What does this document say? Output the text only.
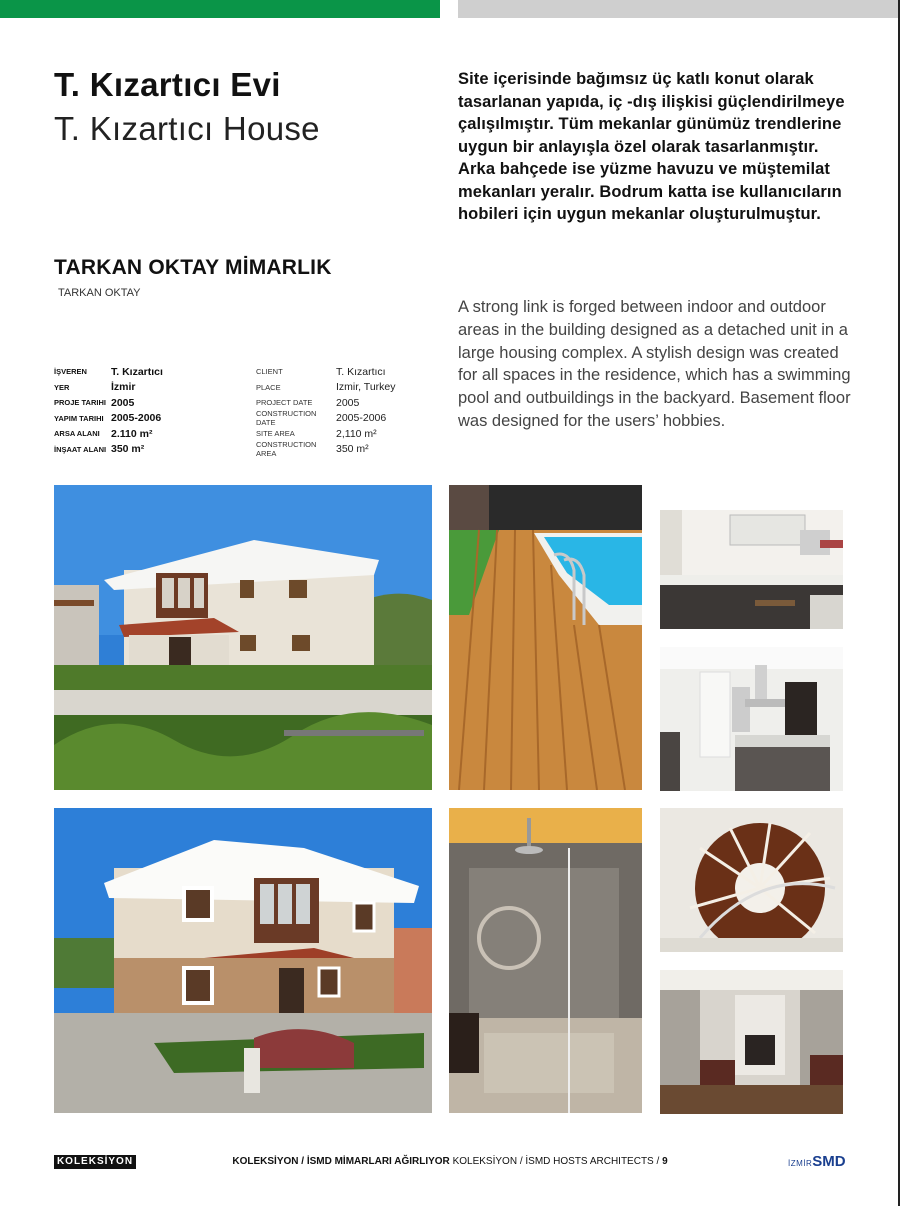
T. Kızartıcı Evi
T. Kızartıcı House
Site içerisinde bağımsız üç katlı konut olarak tasarlanan yapıda, iç -dış ilişkisi güçlendirilmeye çalışılmıştır. Tüm mekanlar günümüz trendlerine uygun bir anlayışla özel olarak tasarlanmıştır. Arka bahçede ise yüzme havuzu ve müştemilat mekanları yeralır. Bodrum katta ise kullanıcıların hobileri için uygun mekanlar oluşturulmuştur.
A strong link is forged between indoor and outdoor areas in the building designed as a detached unit in a large housing complex. A stylish design was created for all spaces in the residence, which has a swimming pool and outbuildings in the backyard. Basement floor was designed for the users’ hobbies.
TARKAN OKTAY MİMARLIK
TARKAN OKTAY
İŞVEREN	T. Kızartıcı
YER	İzmir
PROJE TARIHI 2005
YAPIM TARIHI 2005-2006
ARSA ALANI	2.110 m²
İNŞAAT ALANI 350 m²
CLIENT	T. Kızartıcı
PLACE	Izmir, Turkey
PROJECT DATE	2005
CONSTRUCTION DATE	2005-2006
SITE AREA	2,110 m²
CONSTRUCTION AREA	350 m²
KOLEKSİYON	KOLEKSİYON / İSMD MİMARLARI AĞIRLIYOR KOLEKSİYON / İSMD HOSTS ARCHITECTS / 9	İZMİRSMD
